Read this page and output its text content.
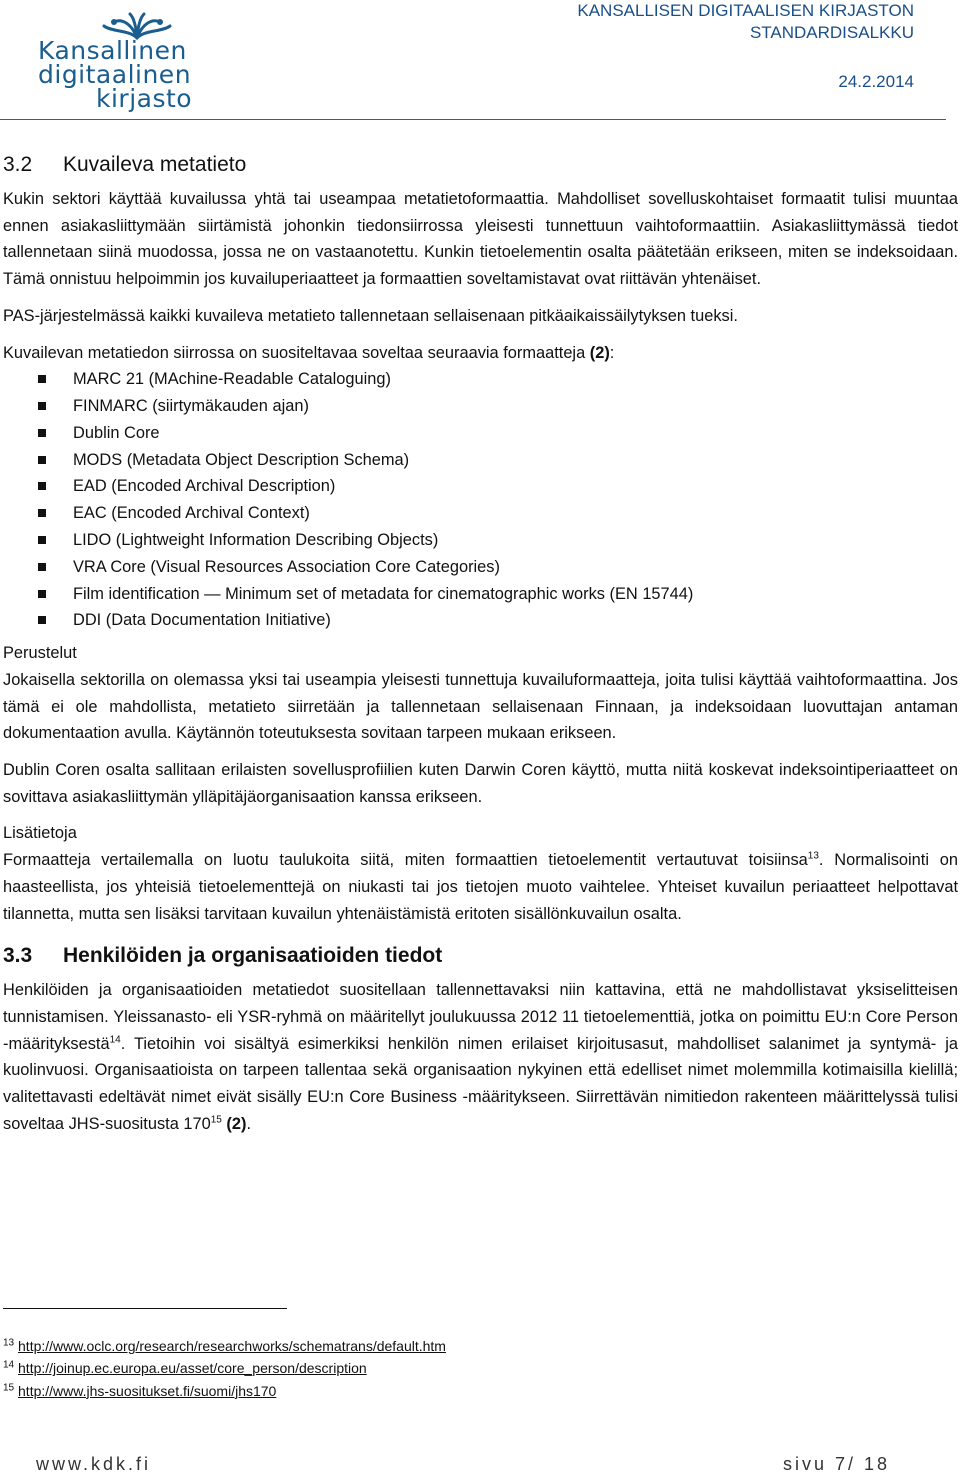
Kansallinen
digitaalinen
kirjasto
KANSALLISEN DIGITAALISEN KIRJASTON
STANDARDISALKKU
24.2.2014
3.2 Kuvaileva metatieto

Kukin sektori käyttää kuvailussa yhtä tai useampaa metatietoformaattia. Mahdolliset sovelluskohtaiset formaatit tulisi muuntaa ennen asiakasliittymään siirtämistä johonkin tiedonsiirrossa yleisesti tunnettuun vaihtoformaattiin. Asiakasliittymässä tiedot tallennetaan siinä muodossa, jossa ne on vastaanotettu. Kunkin tietoelementin osalta päätetään erikseen, miten se indeksoidaan. Tämä onnistuu helpoimmin jos kuvailuperiaatteet ja formaattien soveltamistavat ovat riittävän yhtenäiset.

PAS-järjestelmässä kaikki kuvaileva metatieto tallennetaan sellaisenaan pitkäaikaissäilytyksen tueksi.

Kuvailevan metatiedon siirrossa on suositeltavaa soveltaa seuraavia formaatteja (2):

MARC 21 (MAchine-Readable Cataloguing)
FINMARC (siirtymäkauden ajan)
Dublin Core
MODS (Metadata Object Description Schema)
EAD (Encoded Archival Description)
EAC (Encoded Archival Context)
LIDO (Lightweight Information Describing Objects)
VRA Core (Visual Resources Association Core Categories)
Film identification — Minimum set of metadata for cinematographic works (EN 15744)
DDI (Data Documentation Initiative)

Perustelut

Jokaisella sektorilla on olemassa yksi tai useampia yleisesti tunnettuja kuvailuformaatteja, joita tulisi käyttää vaihtoformaattina. Jos tämä ei ole mahdollista, metatieto siirretään ja tallennetaan sellaisenaan Finnaan, ja indeksoidaan luovuttajan antaman dokumentaation avulla. Käytännön toteutuksesta sovitaan tarpeen mukaan erikseen.

Dublin Coren osalta sallitaan erilaisten sovellusprofiilien kuten Darwin Coren käyttö, mutta niitä koskevat indeksointiperiaatteet on sovittava asiakasliittymän ylläpitäjäorganisaation kanssa erikseen.

Lisätietoja

Formaatteja vertailemalla on luotu taulukoita siitä, miten formaattien tietoelementit vertautuvat toisiinsa$^{13}$. Normalisointi on haasteellista, jos yhteisiä tietoelementtejä on niukasti tai jos tietojen muoto vaihtelee. Yhteiset kuvailun periaatteet helpottavat tilannetta, mutta sen lisäksi tarvitaan kuvailun yhtenäistämistä eritoten sisällönkuvailun osalta.

3.3 Henkilöiden ja organisaatioiden tiedot

Henkilöiden ja organisaatioiden metatiedot suositellaan tallennettavaksi niin kattavina, että ne mahdollistavat yksiselitteisen tunnistamisen. Yleissanasto- eli YSR-ryhmä on määritellyt joulukuussa 2012 11 tietoelementtiä, jotka on poimittu EU:n Core Person -määrityksestä$^{14}$. Tietoihin voi sisältyä esimerkiksi henkilön nimen erilaiset kirjoitusasut, mahdolliset salanimet ja syntymä- ja kuolinvuosi. Organisaatioista on tarpeen tallentaa sekä organisaation nykyinen että edelliset nimet molemmilla kotimaisilla kielillä; valitettavasti edeltävät nimet eivät sisälly EU:n Core Business -määritykseen. Siirrettävän nimitiedon rakenteen määrittelyssä tulisi soveltaa JHS-suositusta $170^{15}$ (2).

$^{13}$ http://www.oclc.org/research/researchworks/schematrans/default.htm
$^{14}$ http://joinup.ec.europa.eu/asset/core_person/description
$^{15}$ http://www.jhs-suositukset.fi/suomi/jhs170
www.kdk.fi	sivu 7/ 18
